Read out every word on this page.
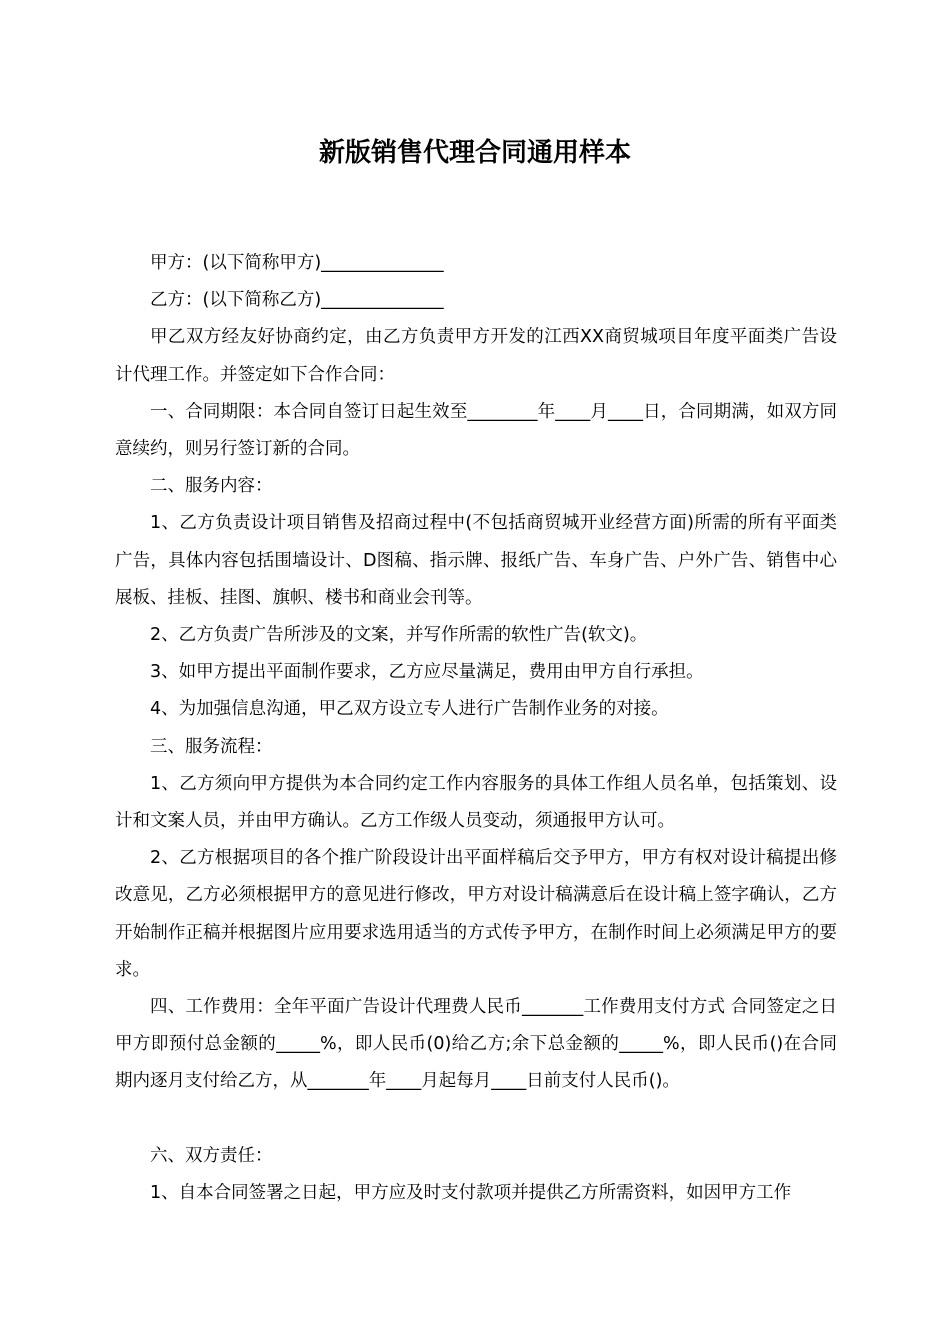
新版销售代理合同通用样本

甲方：(以下简称甲方)______________

乙方：(以下简称乙方)______________

甲乙双方经友好协商约定，由乙方负责甲方开发的江西XX商贸城项目年度平面类广告设计代理工作。并签定如下合作合同：

一、合同期限：本合同自签订日起生效至________年____月____日，合同期满，如双方同意续约，则另行签订新的合同。

二、服务内容：

1、乙方负责设计项目销售及招商过程中(不包括商贸城开业经营方面)所需的所有平面类广告，具体内容包括围墙设计、D图稿、指示牌、报纸广告、车身广告、户外广告、销售中心展板、挂板、挂图、旗帜、楼书和商业会刊等。

2、乙方负责广告所涉及的文案，并写作所需的软性广告(软文)。

3、如甲方提出平面制作要求，乙方应尽量满足，费用由甲方自行承担。

4、为加强信息沟通，甲乙双方设立专人进行广告制作业务的对接。

三、服务流程：

1、乙方须向甲方提供为本合同约定工作内容服务的具体工作组人员名单，包括策划、设计和文案人员，并由甲方确认。乙方工作级人员变动，须通报甲方认可。

2、乙方根据项目的各个推广阶段设计出平面样稿后交予甲方，甲方有权对设计稿提出修改意见，乙方必须根据甲方的意见进行修改，甲方对设计稿满意后在设计稿上签字确认，乙方开始制作正稿并根据图片应用要求选用适当的方式传予甲方，在制作时间上必须满足甲方的要求。

四、工作费用：全年平面广告设计代理费人民币_______工作费用支付方式 合同签定之日甲方即预付总金额的_____%，即人民币(0)给乙方;余下总金额的_____%，即人民币()在合同期内逐月支付给乙方，从_______年____月起每月____日前支付人民币()。

六、双方责任：

1、自本合同签署之日起，甲方应及时支付款项并提供乙方所需资料，如因甲方工作
